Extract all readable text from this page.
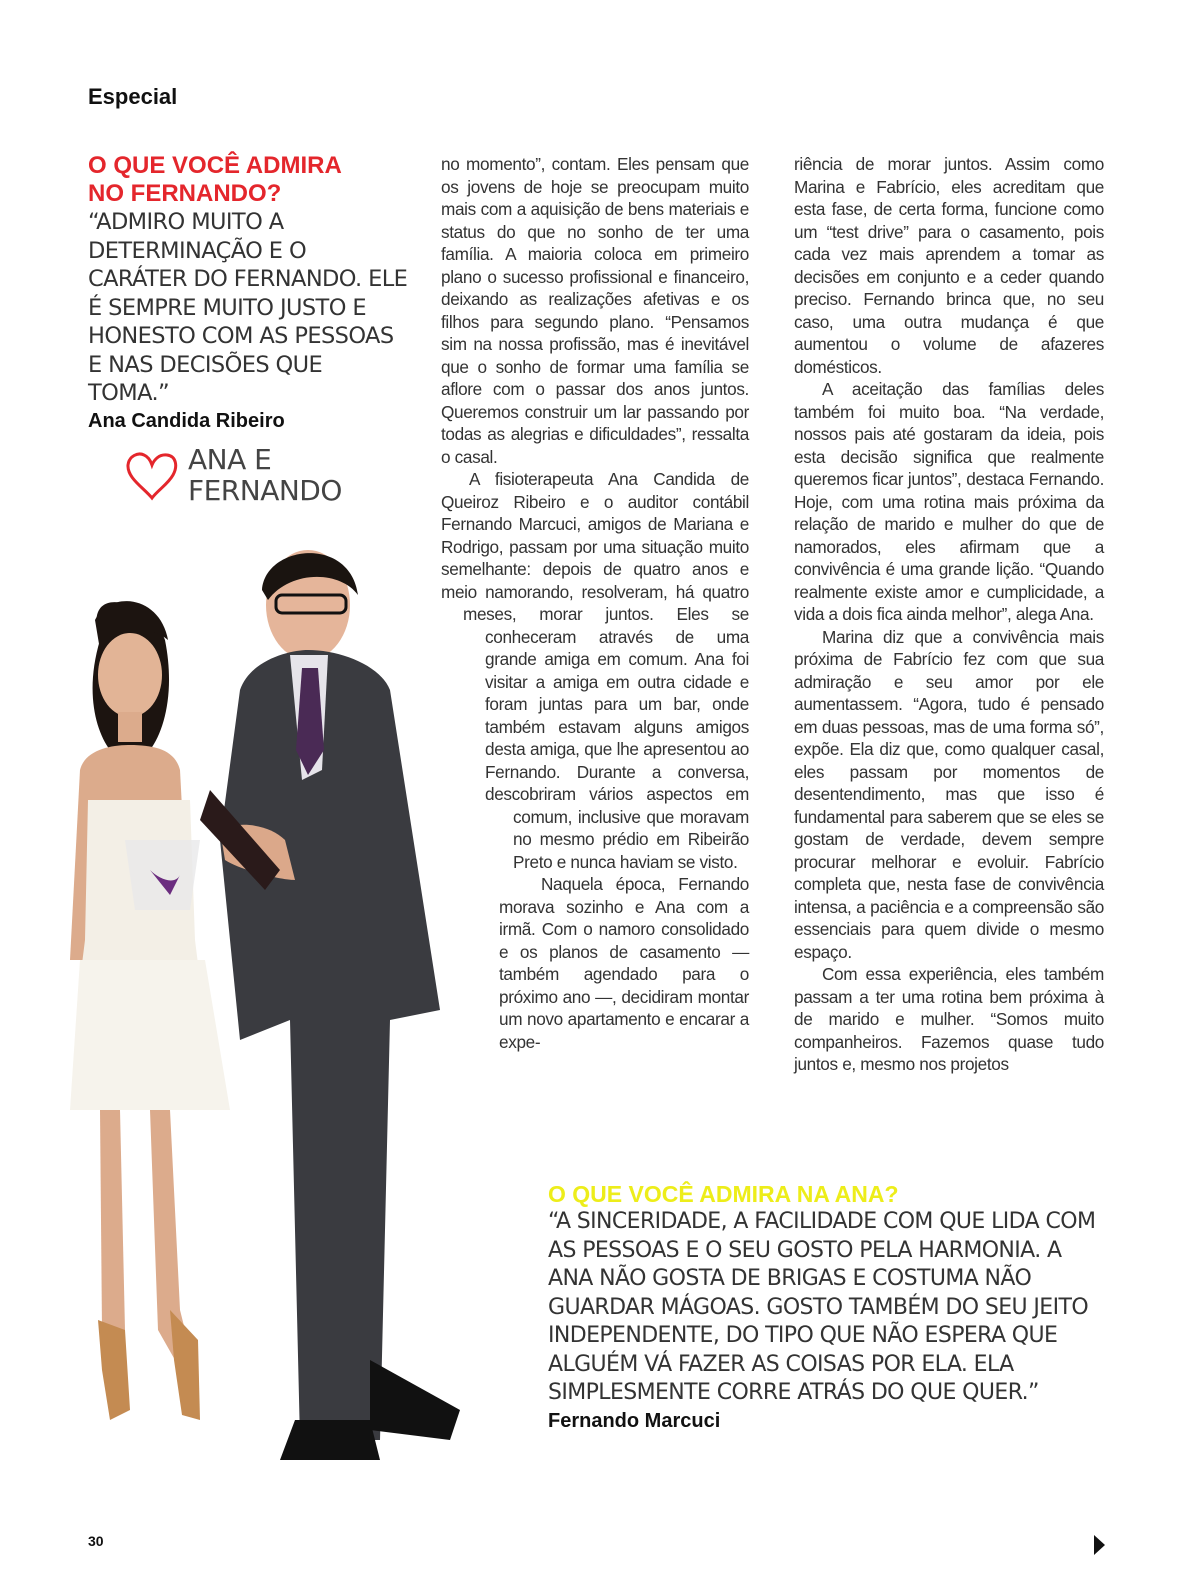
Especial
O QUE VOCÊ ADMIRA
NO FERNANDO?
“ADMIRO MUITO A DETERMINAÇÃO E O CARÁTER DO FERNANDO. ELE É SEMPRE MUITO JUSTO E HONESTO COM AS PESSOAS E NAS DECISÕES QUE TOMA.”
Ana Candida Ribeiro
ANA E
FERNANDO

no momento”, contam. Eles pensam que os jovens de hoje se preocupam muito mais com a aquisição de bens materiais e status do que no sonho de ter uma família. A maioria coloca em primeiro plano o sucesso profissional e financeiro, deixando as realizações afetivas e os filhos para segundo plano. “Pensamos sim na nossa profissão, mas é inevitável que o sonho de formar uma família se aflore com o passar dos anos juntos. Queremos construir um lar passando por todas as alegrias e dificuldades”, ressalta o casal.

A fisioterapeuta Ana Candida de Queiroz Ribeiro e o auditor contábil Fernando Marcuci, amigos de Mariana e Rodrigo, passam por uma situação muito semelhante: depois de quatro anos e meio namorando, resolveram, há quatro meses, morar juntos. Eles se conheceram através de uma grande amiga em comum. Ana foi visitar a amiga em outra cidade e foram juntas para um bar, onde também estavam alguns amigos desta amiga, que lhe apresentou ao Fernando. Durante a conversa, descobriram vários aspectos em comum, inclusive que moravam no mesmo prédio em Ribeirão Preto e nunca haviam se visto.

Naquela época, Fernando morava sozinho e Ana com a irmã. Com o namoro consolidado e os planos de casamento — também agendado para o próximo ano —, decidiram montar um novo apartamento e encarar a expe-

riência de morar juntos. Assim como Marina e Fabrício, eles acreditam que esta fase, de certa forma, funcione como um “test drive” para o casamento, pois cada vez mais aprendem a tomar as decisões em conjunto e a ceder quando preciso. Fernando brinca que, no seu caso, uma outra mudança é que aumentou o volume de afazeres domésticos.

A aceitação das famílias deles também foi muito boa. “Na verdade, nossos pais até gostaram da ideia, pois esta decisão significa que realmente queremos ficar juntos”, destaca Fernando. Hoje, com uma rotina mais próxima da relação de marido e mulher do que de namorados, eles afirmam que a convivência é uma grande lição. “Quando realmente existe amor e cumplicidade, a vida a dois fica ainda melhor”, alega Ana.

Marina diz que a convivência mais próxima de Fabrício fez com que sua admiração e seu amor por ele aumentassem. “Agora, tudo é pensado em duas pessoas, mas de uma forma só”, expõe. Ela diz que, como qualquer casal, eles passam por momentos de desentendimento, mas que isso é fundamental para saberem que se eles se gostam de verdade, devem sempre procurar melhorar e evoluir. Fabrício completa que, nesta fase de convivência intensa, a paciência e a compreensão são essenciais para quem divide o mesmo espaço.

Com essa experiência, eles também passam a ter uma rotina bem próxima à de marido e mulher. “Somos muito companheiros. Fazemos quase tudo juntos e, mesmo nos projetos

O QUE VOCÊ ADMIRA NA ANA?
“A SINCERIDADE, A FACILIDADE COM QUE LIDA COM AS PESSOAS E O SEU GOSTO PELA HARMONIA. A ANA NÃO GOSTA DE BRIGAS E COSTUMA NÃO GUARDAR MÁGOAS. GOSTO TAMBÉM DO SEU JEITO INDEPENDENTE, DO TIPO QUE NÃO ESPERA QUE ALGUÉM VÁ FAZER AS COISAS POR ELA. ELA SIMPLESMENTE CORRE ATRÁS DO QUE QUER.”
Fernando Marcuci
30
